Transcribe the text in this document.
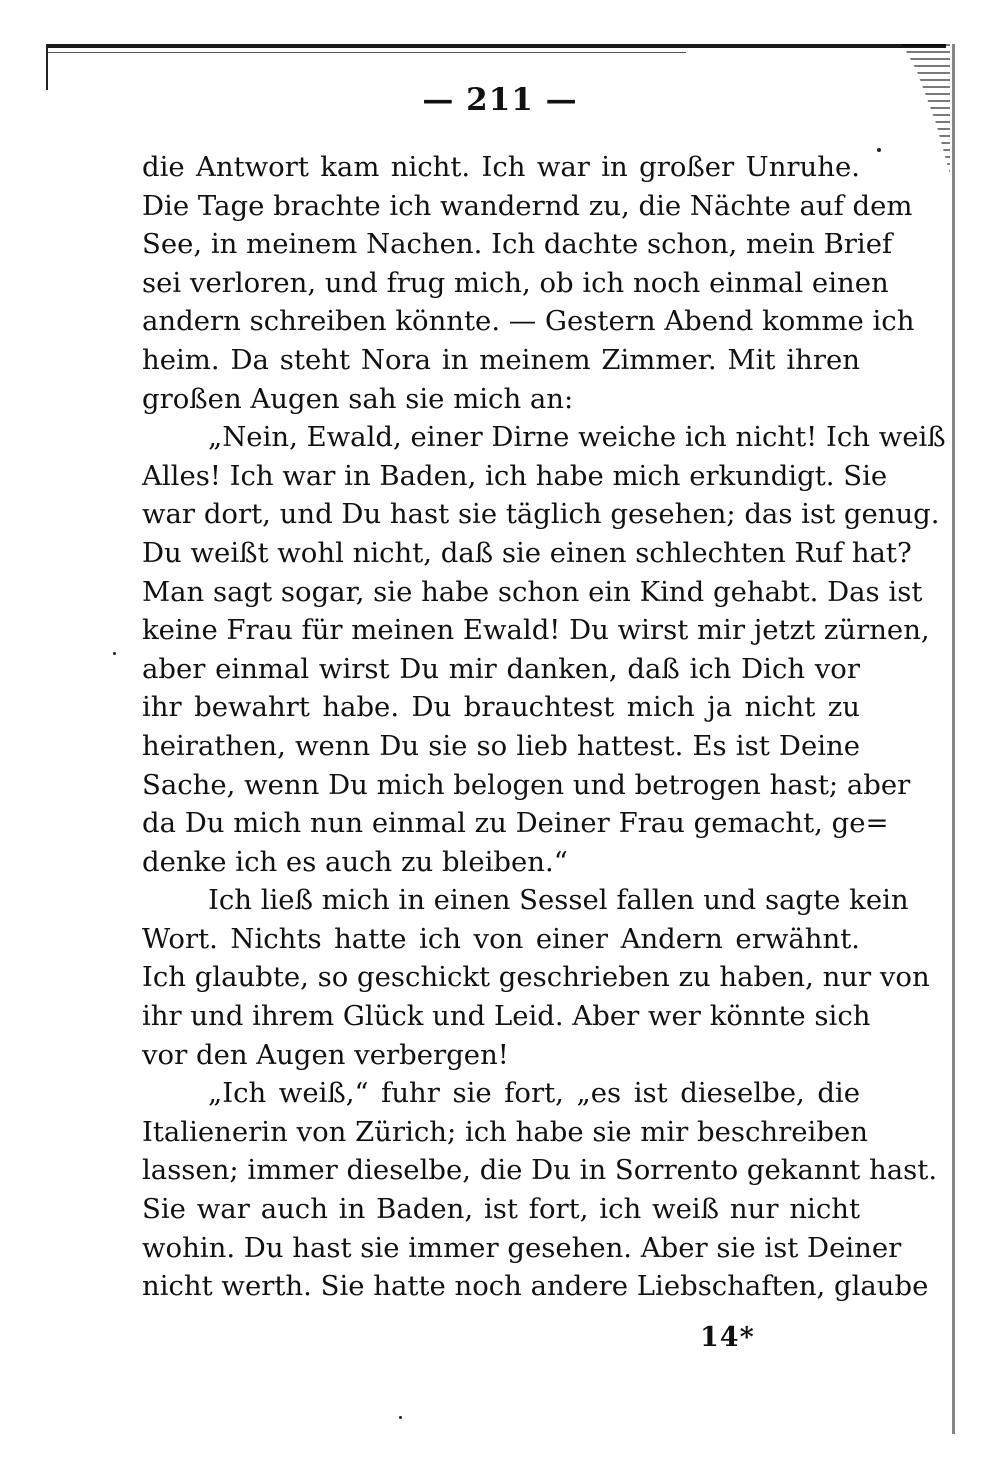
— 211 —
die Antwort kam nicht. Ich war in großer Unruhe.
Die Tage brachte ich wandernd zu, die Nächte auf dem
See, in meinem Nachen. Ich dachte schon, mein Brief
sei verloren, und frug mich, ob ich noch einmal einen
andern schreiben könnte. — Gestern Abend komme ich
heim. Da steht Nora in meinem Zimmer. Mit ihren
großen Augen sah sie mich an:
„Nein, Ewald, einer Dirne weiche ich nicht! Ich weiß
Alles! Ich war in Baden, ich habe mich erkundigt. Sie
war dort, und Du hast sie täglich gesehen; das ist genug.
Du weißt wohl nicht, daß sie einen schlechten Ruf hat?
Man sagt sogar, sie habe schon ein Kind gehabt. Das ist
keine Frau für meinen Ewald! Du wirst mir jetzt zürnen,
aber einmal wirst Du mir danken, daß ich Dich vor
ihr bewahrt habe. Du brauchtest mich ja nicht zu
heirathen, wenn Du sie so lieb hattest. Es ist Deine
Sache, wenn Du mich belogen und betrogen hast; aber
da Du mich nun einmal zu Deiner Frau gemacht, ge=
denke ich es auch zu bleiben.“
Ich ließ mich in einen Sessel fallen und sagte kein
Wort. Nichts hatte ich von einer Andern erwähnt.
Ich glaubte, so geschickt geschrieben zu haben, nur von
ihr und ihrem Glück und Leid. Aber wer könnte sich
vor den Augen verbergen!
„Ich weiß,“ fuhr sie fort, „es ist dieselbe, die
Italienerin von Zürich; ich habe sie mir beschreiben
lassen; immer dieselbe, die Du in Sorrento gekannt hast.
Sie war auch in Baden, ist fort, ich weiß nur nicht
wohin. Du hast sie immer gesehen. Aber sie ist Deiner
nicht werth. Sie hatte noch andere Liebschaften, glaube
14*
